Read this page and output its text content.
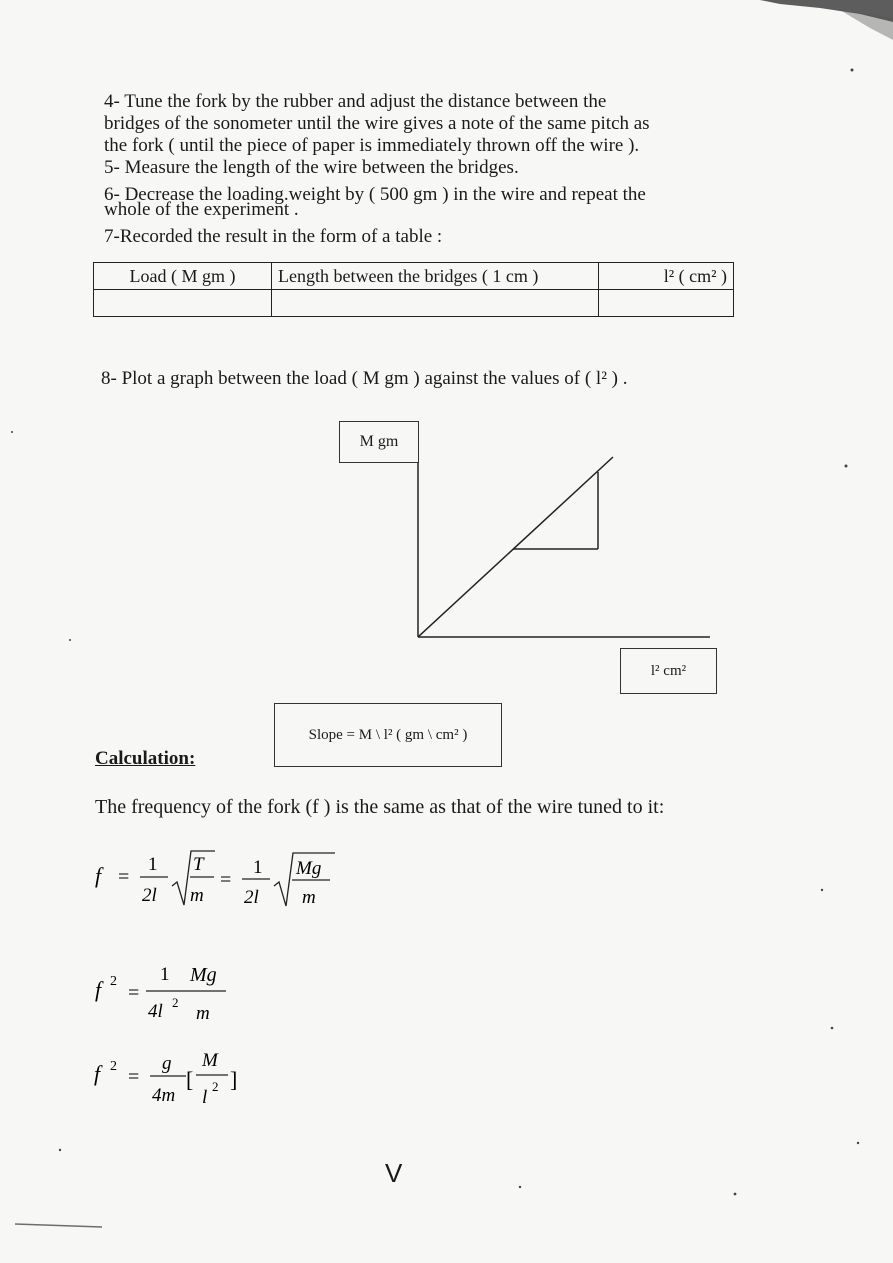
4- Tune the fork by the rubber and adjust the distance between the

bridges of the sonometer until the wire gives a note of the same pitch as

the fork ( until the piece of paper is immediately thrown off the wire ).

5- Measure the length of the wire between the bridges.

6- Decrease the loading.weight by ( 500 gm ) in the wire and repeat the

whole of the experiment .

7-Recorded the result in the form of a table :

Load ( M gm )	Length between the bridges ( 1 cm )	l² ( cm² )

8- Plot a graph between the load ( M gm ) against the values of ( l² ) .
M gm
l² cm²
Slope = M \ l² ( gm \ cm² )
Calculation:
The frequency of the fork (f ) is the same as that of the wire tuned to it:
f =
1
2l
T
m
=
1
2l
Mg
m
f 2
=
1 Mg
4l 2
m
f 2 =
g
4m
[
M
l
2 ]
V
